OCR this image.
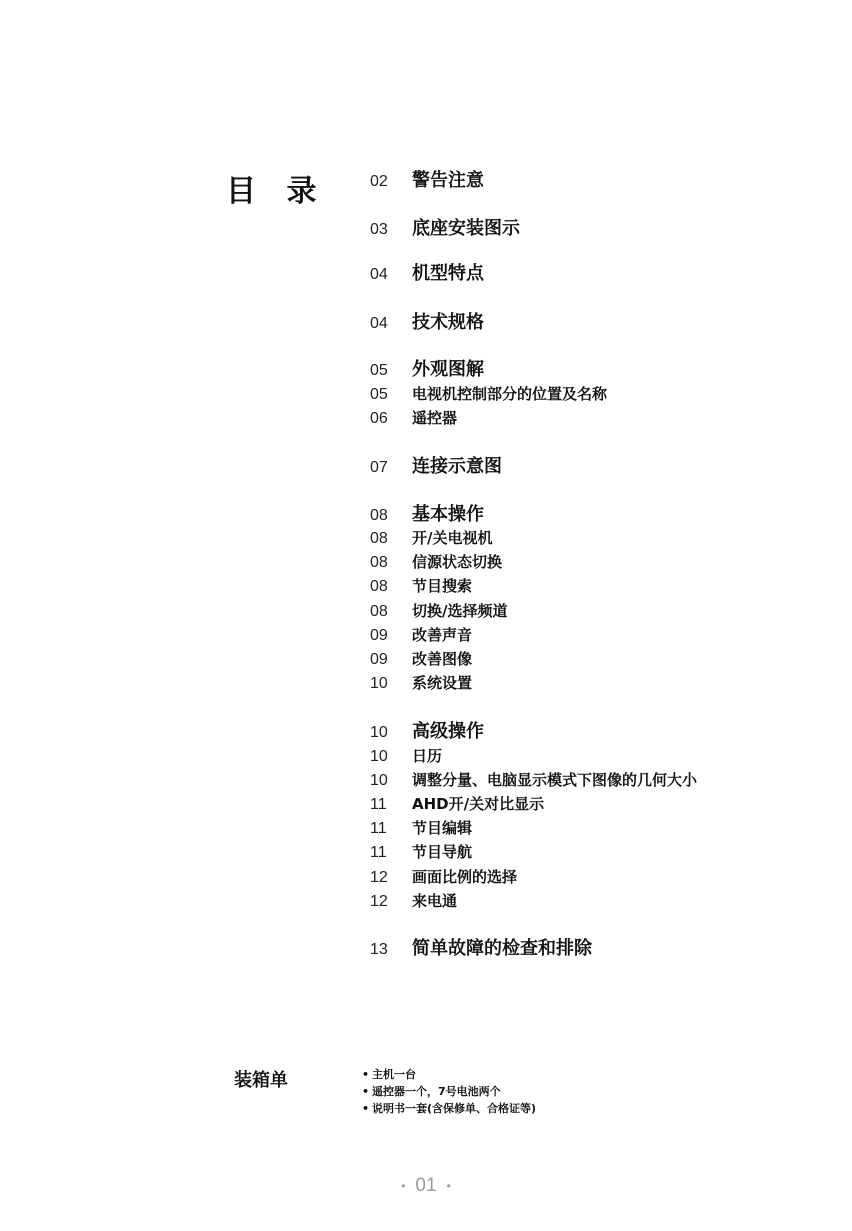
目 录	02 警告注意
03 底座安装图示
04 机型特点
04 技术规格
05 外观图解
05 电视机控制部分的位置及名称
06 遥控器
07 连接示意图
08 基本操作
08 开/关电视机
08 信源状态切换
08 节目搜索
08 切换/选择频道
09 改善声音
09 改善图像
10 系统设置
10 高级操作
10 日历
10 调整分量、电脑显示模式下图像的几何大小
11 AHD开/关对比显示
11 节目编辑
11 节目导航
12 画面比例的选择
12 来电通
13 简单故障的检查和排除
装箱单	• 主机一台
• 遥控器一个，7号电池两个
• 说明书一套(含保修单、合格证等)
• 01 •
